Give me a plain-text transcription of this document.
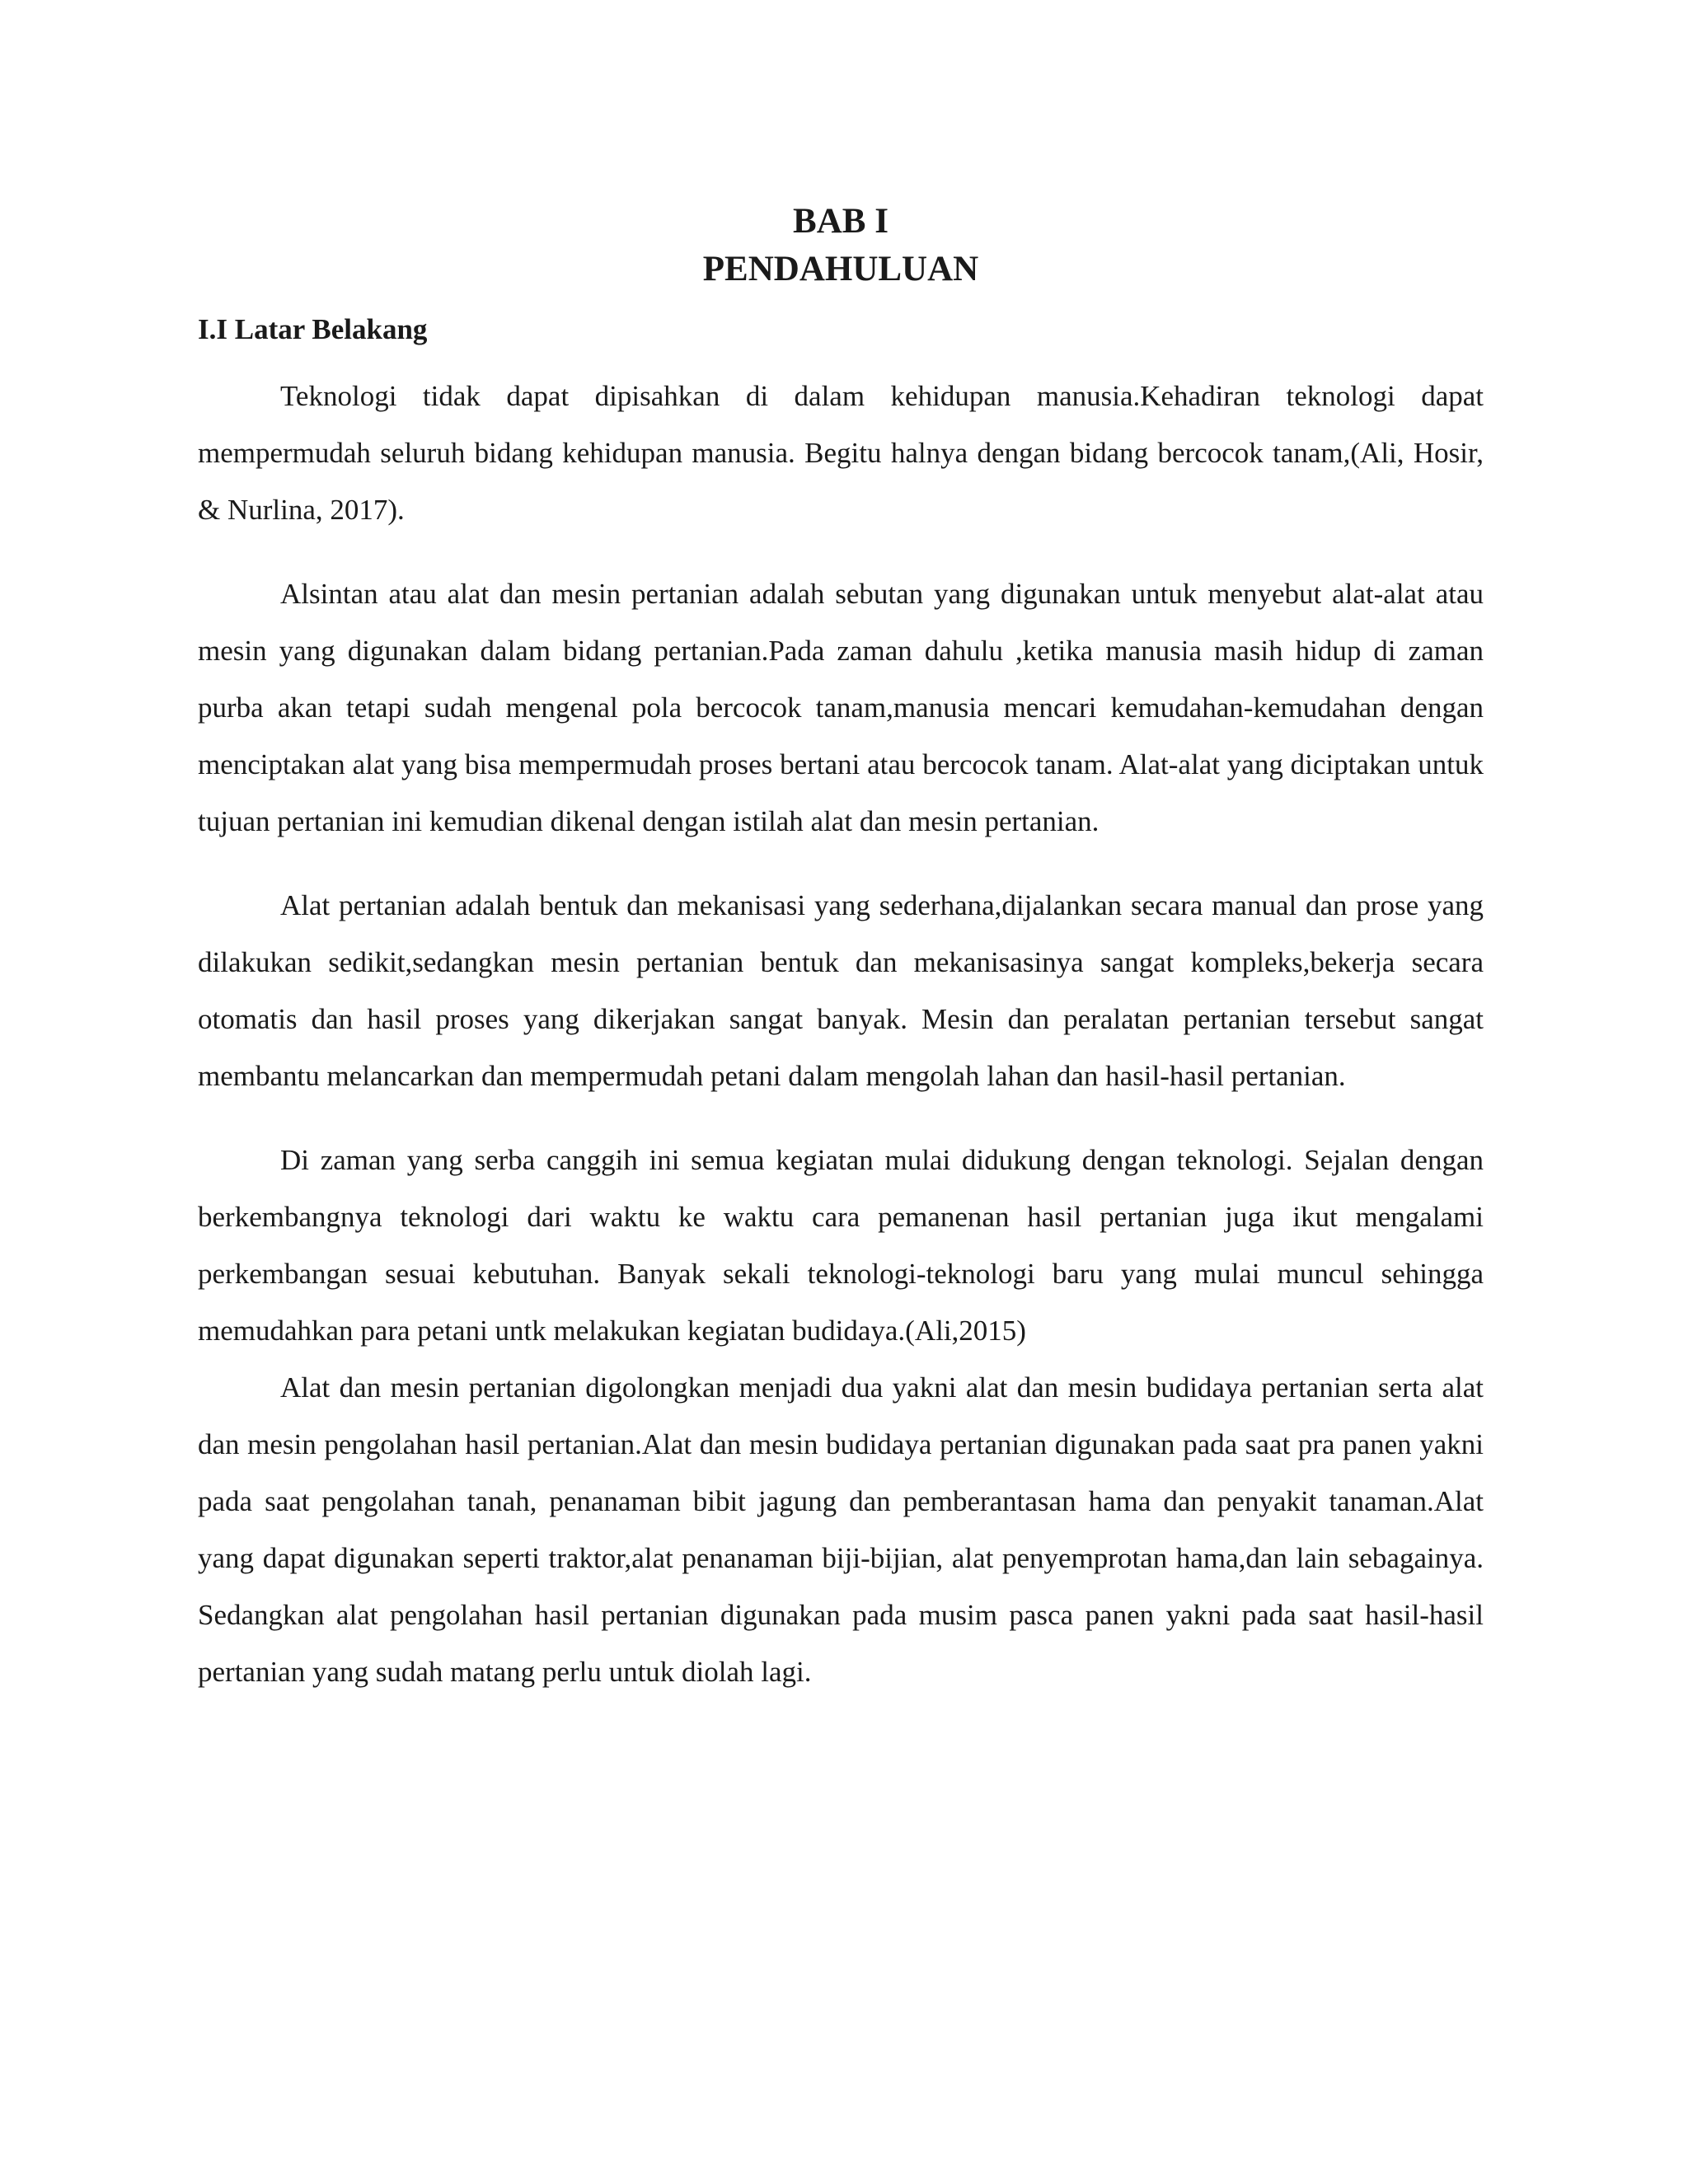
BAB I
PENDAHULUAN
I.I Latar Belakang

Teknologi tidak dapat dipisahkan di dalam kehidupan manusia.Kehadiran teknologi dapat mempermudah seluruh bidang kehidupan manusia. Begitu halnya dengan bidang bercocok tanam,(Ali, Hosir, & Nurlina, 2017).

Alsintan atau alat dan mesin pertanian adalah sebutan yang digunakan untuk menyebut alat-alat atau mesin yang digunakan dalam bidang pertanian.Pada zaman dahulu ,ketika manusia masih hidup di zaman purba akan tetapi sudah mengenal pola bercocok tanam,manusia mencari kemudahan-kemudahan dengan menciptakan alat yang bisa mempermudah proses bertani atau bercocok tanam. Alat-alat yang diciptakan untuk tujuan pertanian ini kemudian dikenal dengan istilah alat dan mesin pertanian.

Alat pertanian adalah bentuk dan mekanisasi yang sederhana,dijalankan secara manual dan prose yang dilakukan sedikit,sedangkan mesin pertanian bentuk dan mekanisasinya sangat kompleks,bekerja secara otomatis dan hasil proses yang dikerjakan sangat banyak. Mesin dan peralatan pertanian tersebut sangat membantu melancarkan dan mempermudah petani dalam mengolah lahan dan hasil-hasil pertanian.

Di zaman yang serba canggih ini semua kegiatan mulai didukung dengan teknologi. Sejalan dengan berkembangnya teknologi dari waktu ke waktu cara pemanenan hasil pertanian juga ikut mengalami perkembangan sesuai kebutuhan. Banyak sekali teknologi-teknologi baru yang mulai muncul sehingga memudahkan para petani untk melakukan kegiatan budidaya.(Ali,2015)

Alat dan mesin pertanian digolongkan menjadi dua yakni alat dan mesin budidaya pertanian serta alat dan mesin pengolahan hasil pertanian.Alat dan mesin budidaya pertanian digunakan pada saat pra panen yakni pada saat pengolahan tanah, penanaman bibit jagung dan pemberantasan hama dan penyakit tanaman.Alat yang dapat digunakan seperti traktor,alat penanaman biji-bijian, alat penyemprotan hama,dan lain sebagainya. Sedangkan alat pengolahan hasil pertanian digunakan pada musim pasca panen yakni pada saat hasil-hasil pertanian yang sudah matang perlu untuk diolah lagi.
